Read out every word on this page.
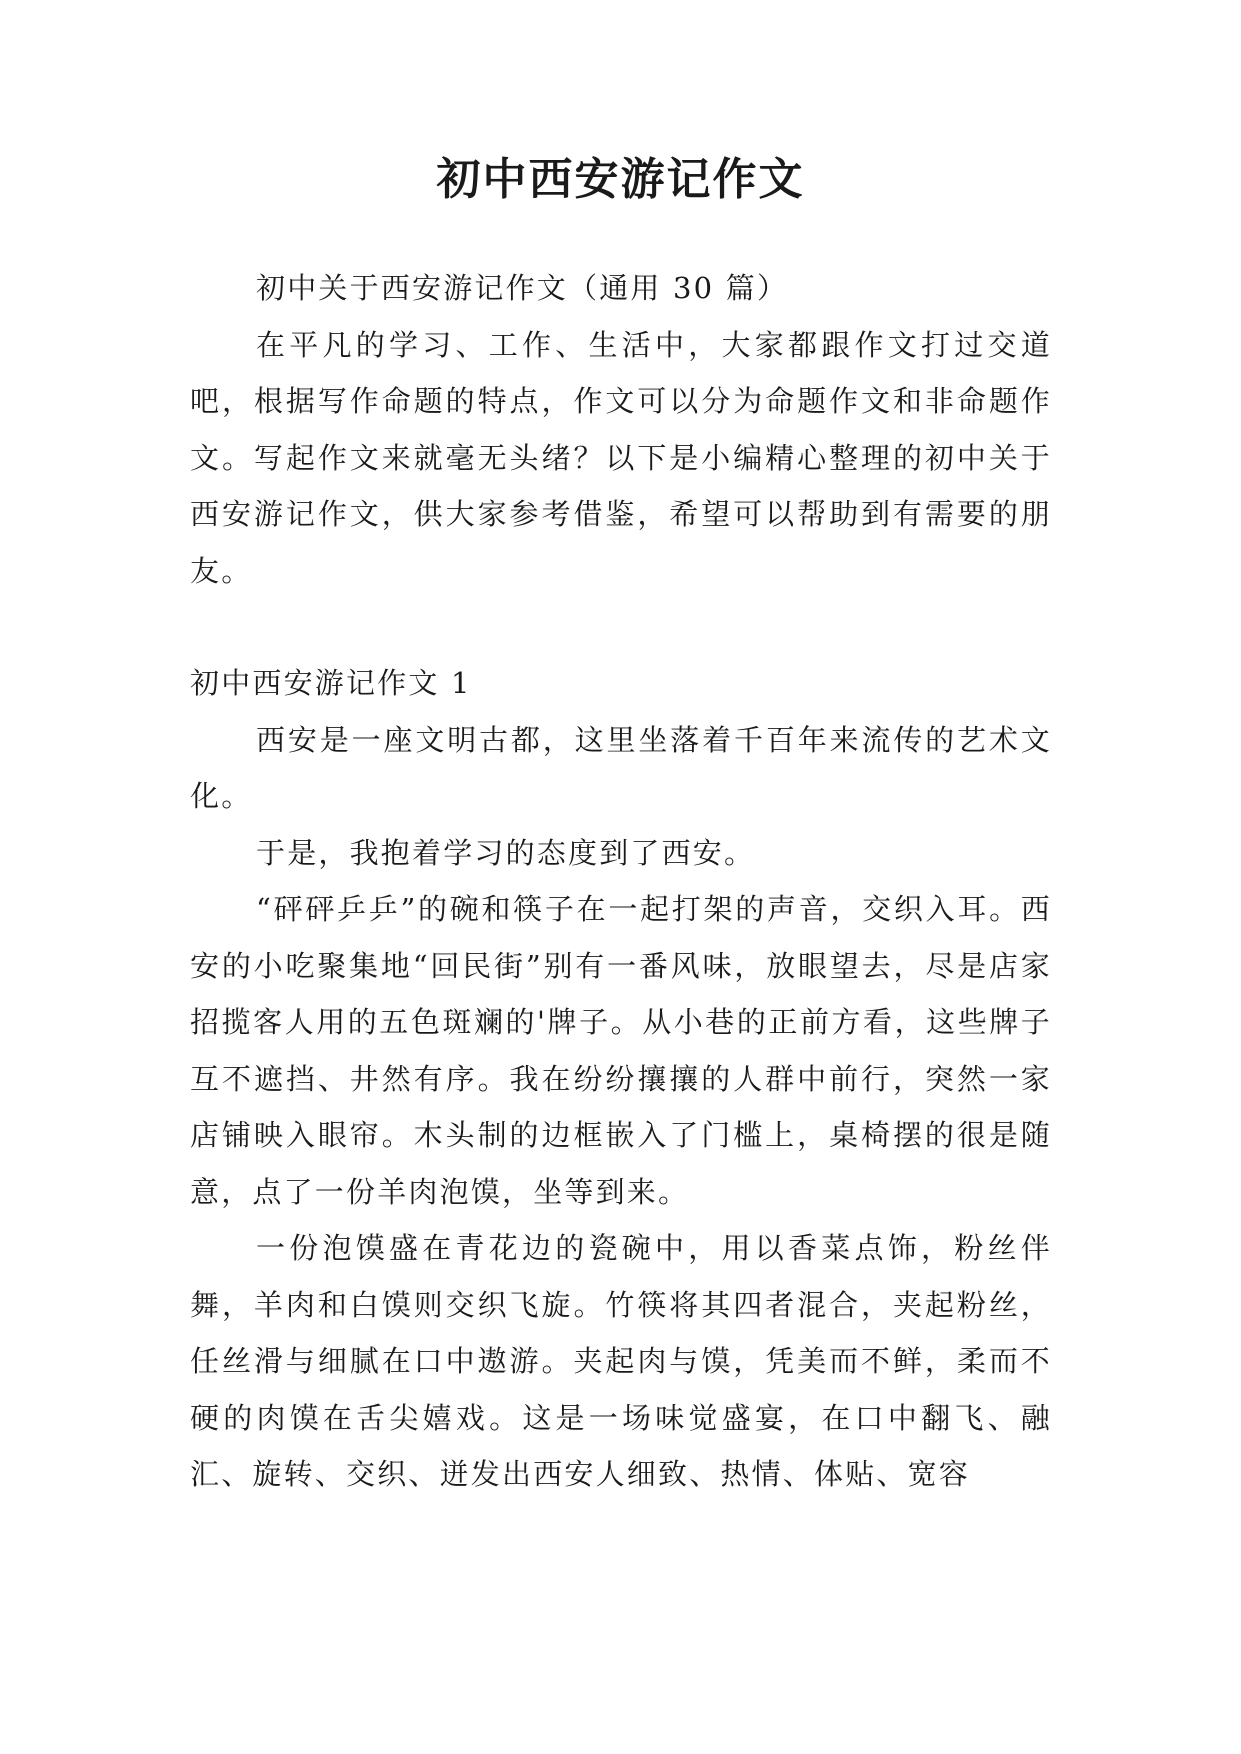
初中西安游记作文

初中关于西安游记作文（通用 30 篇）

在平凡的学习、工作、生活中，大家都跟作文打过交道吧，根据写作命题的特点，作文可以分为命题作文和非命题作文。写起作文来就毫无头绪？以下是小编精心整理的初中关于西安游记作文，供大家参考借鉴，希望可以帮助到有需要的朋友。

初中西安游记作文 1

西安是一座文明古都，这里坐落着千百年来流传的艺术文化。

于是，我抱着学习的态度到了西安。

“砰砰乒乒”的碗和筷子在一起打架的声音，交织入耳。西安的小吃聚集地“回民街”别有一番风味，放眼望去，尽是店家招揽客人用的五色斑斓的'牌子。从小巷的正前方看，这些牌子互不遮挡、井然有序。我在纷纷攘攘的人群中前行，突然一家店铺映入眼帘。木头制的边框嵌入了门槛上，桌椅摆的很是随意，点了一份羊肉泡馍，坐等到来。

一份泡馍盛在青花边的瓷碗中，用以香菜点饰，粉丝伴舞，羊肉和白馍则交织飞旋。竹筷将其四者混合，夹起粉丝，任丝滑与细腻在口中遨游。夹起肉与馍，凭美而不鲜，柔而不硬的肉馍在舌尖嬉戏。这是一场味觉盛宴，在口中翻飞、融汇、旋转、交织、迸发出西安人细致、热情、体贴、宽容
